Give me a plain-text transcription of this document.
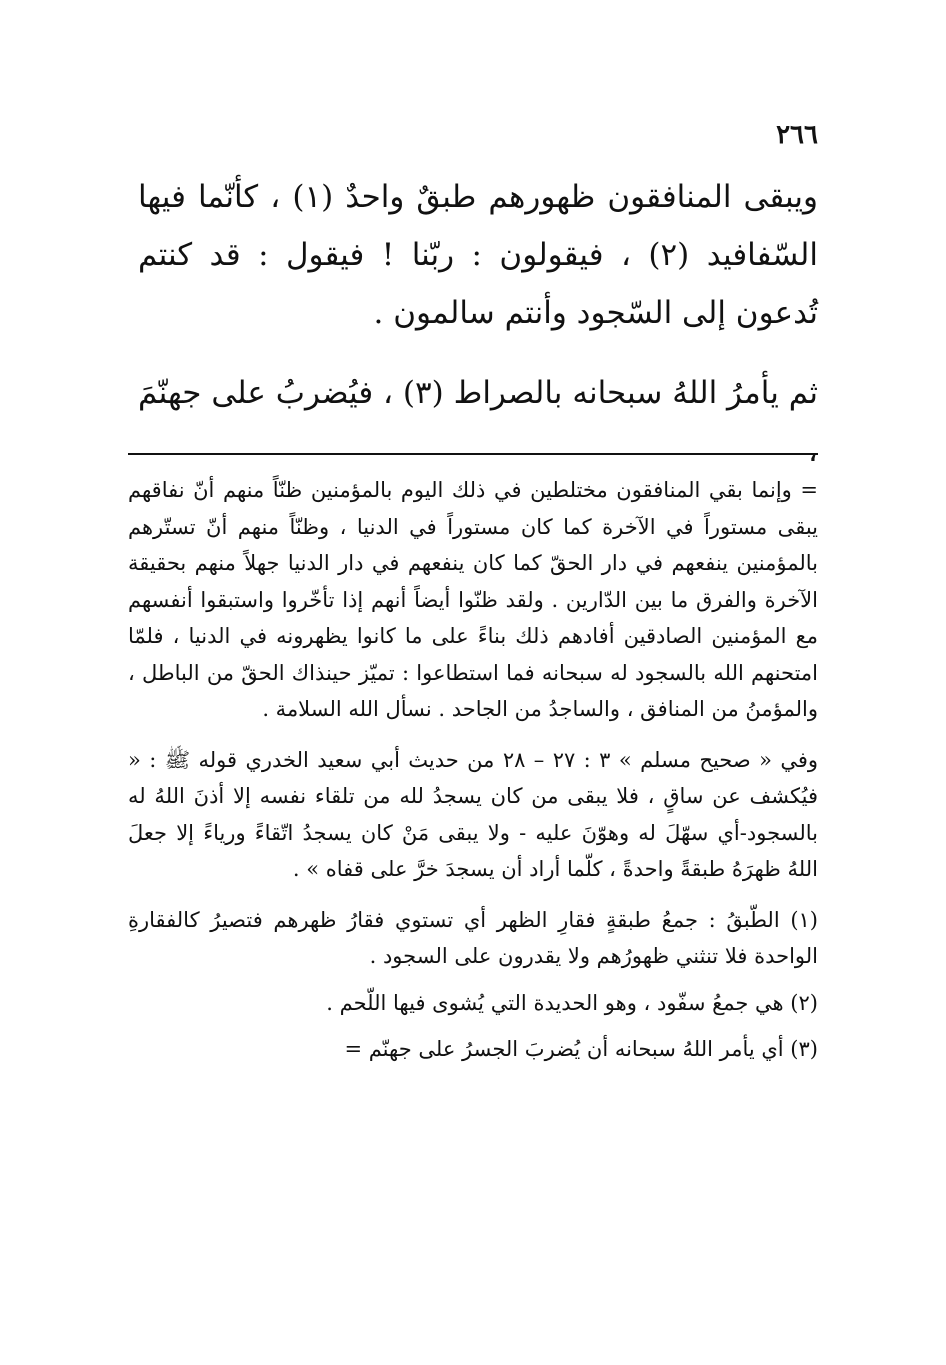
٢٦٦

ويبقى المنافقون ظهورهم طبقٌ واحدٌ (١) ، كأنّما فيها السّفافيد (٢) ، فيقولون : ربّنا ! فيقول : قد كنتم تُدعون إلى السّجود وأنتم سالمون .

ثم يأمرُ اللهُ سبحانه بالصراط (٣) ، فيُضربُ على جهنّمَ ،

= وإنما بقي المنافقون مختلطين في ذلك اليوم بالمؤمنين ظنّاً منهم أنّ نفاقهم يبقى مستوراً في الآخرة كما كان مستوراً في الدنيا ، وظنّاً منهم أنّ تستّرهم بالمؤمنين ينفعهم في دار الحقّ كما كان ينفعهم في دار الدنيا جهلاً منهم بحقيقة الآخرة والفرق ما بين الدّارين . ولقد ظنّوا أيضاً أنهم إذا تأخّروا واستبقوا أنفسهم مع المؤمنين الصادقين أفادهم ذلك بناءً على ما كانوا يظهرونه في الدنيا ، فلمّا امتحنهم الله بالسجود له سبحانه فما استطاعوا : تميّز حينذاك الحقّ من الباطل ، والمؤمنُ من المنافق ، والساجدُ من الجاحد . نسأل الله السلامة .

وفي « صحيح مسلم » ٣ : ٢٧ – ٢٨ من حديث أبي سعيد الخدري قوله ﷺ : « فيُكشف عن ساقٍ ، فلا يبقى من كان يسجدُ لله من تلقاء نفسه إلا أذنَ اللهُ له بالسجود-أي سهّلَ له وهوّنَ عليه - ولا يبقى مَنْ كان يسجدُ اتّقاءً ورياءً إلا جعلَ اللهُ ظهرَهُ طبقةً واحدةً ، كلّما أراد أن يسجدَ خرَّ على قفاه » .

(١) الطّبقُ : جمعُ طبقةٍ فقارِ الظهر أي تستوي فقارُ ظهرهم فتصيرُ كالفقارةِ الواحدة فلا تنثني ظهورُهم ولا يقدرون على السجود .

(٢) هي جمعُ سفّود ، وهو الحديدة التي يُشوى فيها اللّحم .

(٣) أي يأمر اللهُ سبحانه أن يُضربَ الجسرُ على جهنّم =
